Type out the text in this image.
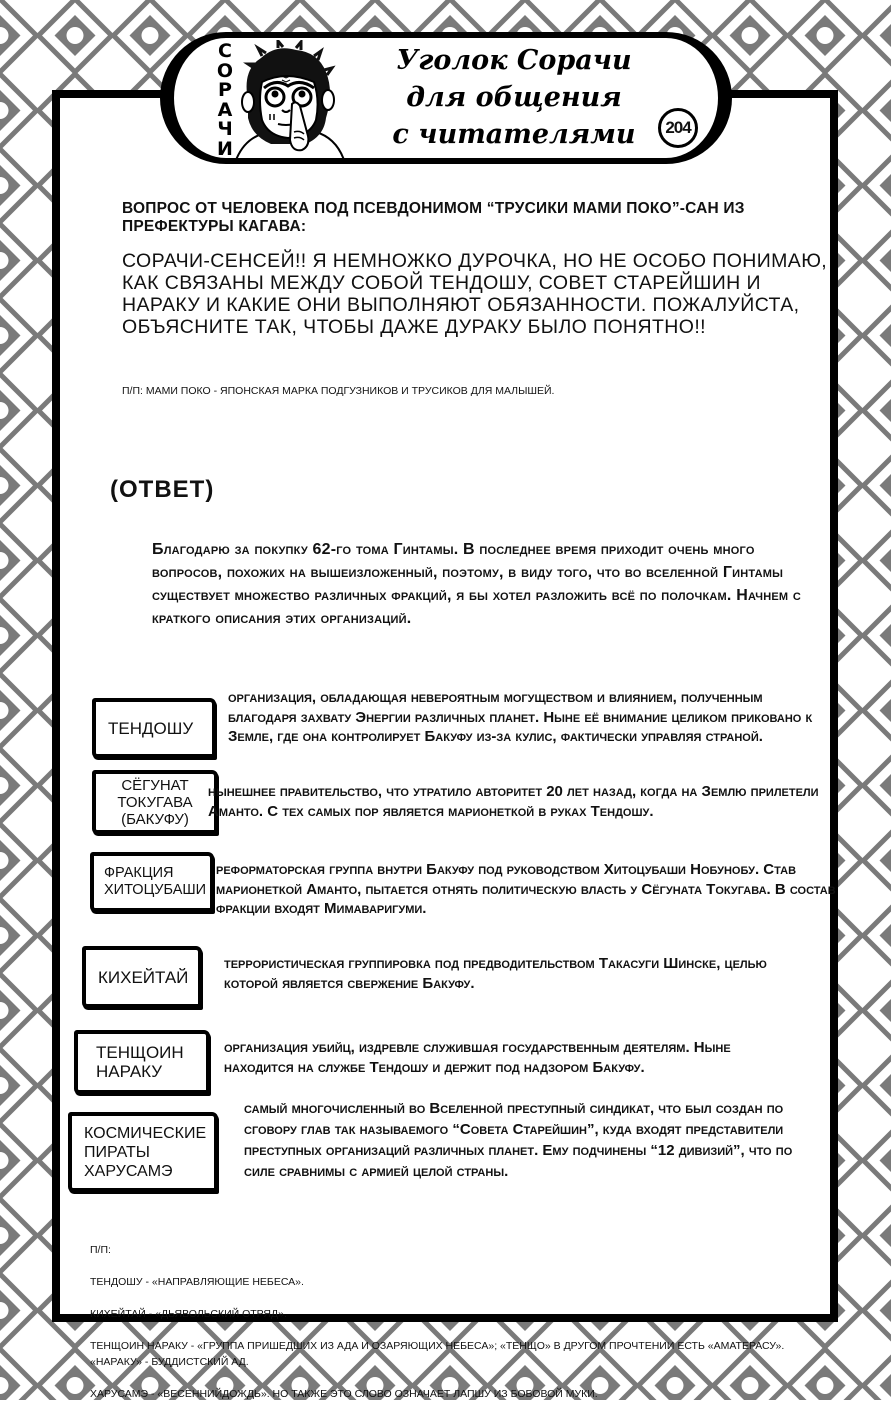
С
О
Р
А
Ч
И
Уголок Сорачи
для общения
с читателями	204
ВОПРОС ОТ ЧЕЛОВЕКА ПОД ПСЕВДОНИМОМ “ТРУСИКИ МАМИ ПОКО”-САН ИЗ ПРЕФЕКТУРЫ КАГАВА:
СОРАЧИ-СЕНСЕЙ!! Я НЕМНОЖКО ДУРОЧКА, НО НЕ ОСОБО ПОНИМАЮ, КАК СВЯЗАНЫ МЕЖДУ СОБОЙ ТЕНДОШУ, СОВЕТ СТАРЕЙШИН И НАРАКУ И КАКИЕ ОНИ ВЫПОЛНЯЮТ ОБЯЗАННОСТИ. ПОЖАЛУЙСТА, ОБЪЯСНИТЕ ТАК, ЧТОБЫ ДАЖЕ ДУРАКУ БЫЛО ПОНЯТНО!!
П/П: МАМИ ПОКО - ЯПОНСКАЯ МАРКА ПОДГУЗНИКОВ И ТРУСИКОВ ДЛЯ МАЛЫШЕЙ.
(ОТВЕТ)
Благодарю за покупку 62-го тома Гинтамы. В последнее время приходит очень много вопросов, похожих на вышеизложенный, поэтому, в виду того, что во вселенной Гинтамы существует множество различных фракций, я бы хотел разложить всё по полочкам. Начнем с краткого описания этих организаций.
ТЕНДОШУ
организация, обладающая невероятным могуществом и влиянием, полученным благодаря захвату Энергии различных планет. Ныне её внимание целиком приковано к Земле, где она контролирует Бакуфу из-за кулис, фактически управляя страной.
СЁГУНАТ ТОКУГАВА (БАКУФУ)
нынешнее правительство, что утратило авторитет 20 лет назад, когда на Землю прилетели Аманто. С тех самых пор является марионеткой в руках Тендошу.
ФРАКЦИЯ ХИТОЦУБАШИ
реформаторская группа внутри Бакуфу под руководством Хитоцубаши Нобунобу. Став марионеткой Аманто, пытается отнять политическую власть у Сёгуната Токугава. В состав фракции входят Мимаваригуми.
КИХЕЙТАЙ
террористическая группировка под предводительством Такасуги Шинске, целью которой является свержение Бакуфу.
ТЕНЩОИН НАРАКУ
организация убийц, издревле служившая государственным деятелям. Ныне находится на службе Тендошу и держит под надзором Бакуфу.
КОСМИЧЕСКИЕ ПИРАТЫ ХАРУСАМЭ
самый многочисленный во Вселенной преступный синдикат, что был создан по сговору глав так называемого “Совета Старейшин”, куда входят представители преступных организаций различных планет. Ему подчинены “12 дивизий”, что по силе сравнимы с армией целой страны.

П/П:

ТЕНДОШУ - «НАПРАВЛЯЮЩИЕ НЕБЕСА».

КИХЕЙТАЙ - «ДЬЯВОЛЬСКИЙ ОТРЯД».

ТЕНЩОИН НАРАКУ - «ГРУППА ПРИШЕДШИХ ИЗ АДА И ОЗАРЯЮЩИХ НЕБЕСА»; «ТЕНЩО» В ДРУГОМ ПРОЧТЕНИИ ЕСТЬ «АМАТЕРАСУ». «НАРАКУ» - БУДДИСТСКИЙ АД.

ХАРУСАМЭ - «ВЕСЕННИЙДОЖДЬ». НО ТАКЖЕ ЭТО СЛОВО ОЗНАЧАЕТ ЛАПШУ ИЗ БОБОВОЙ МУКИ.
